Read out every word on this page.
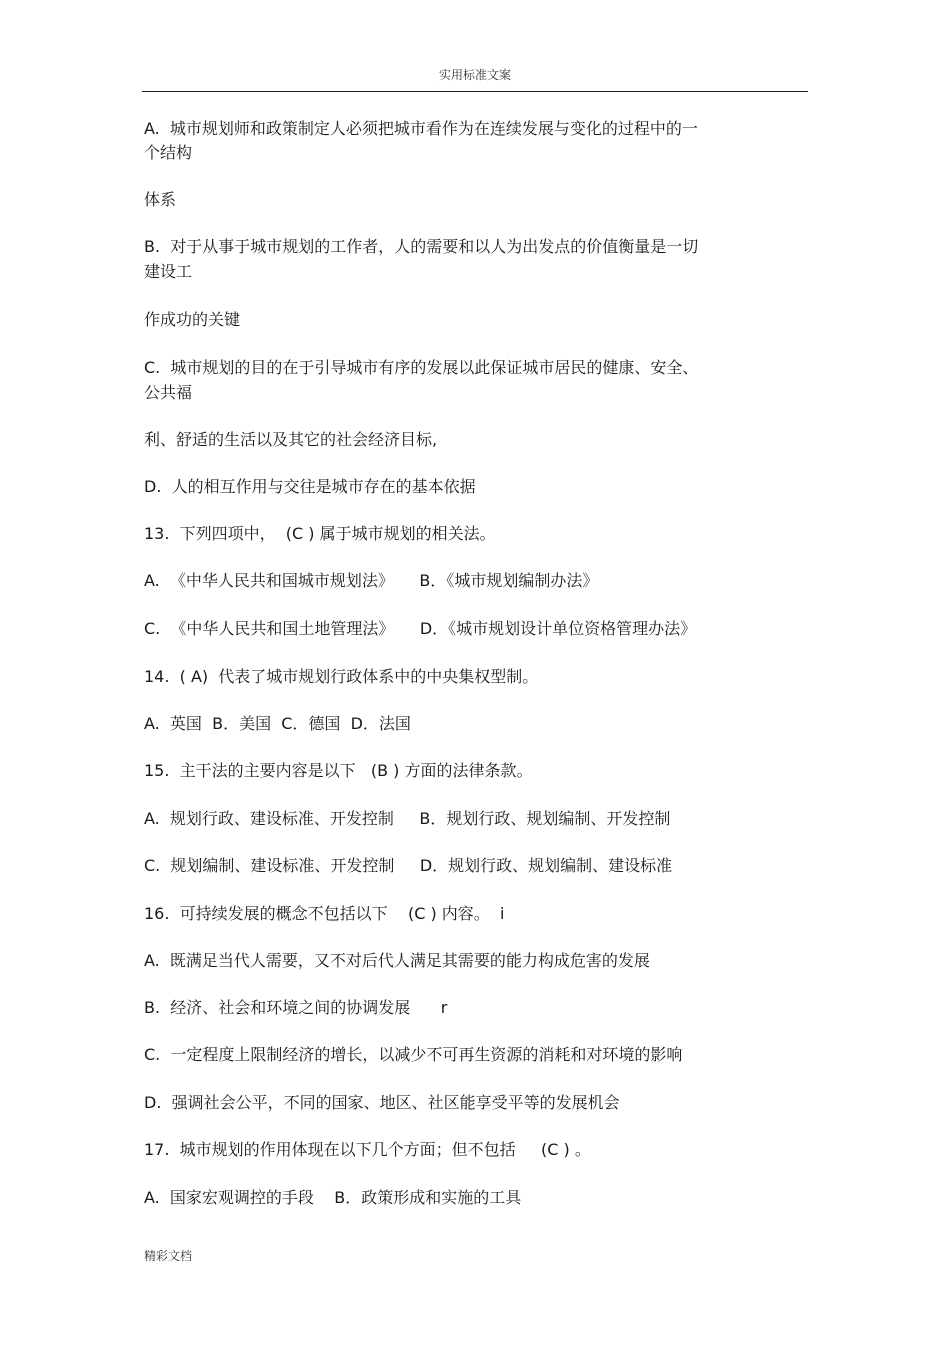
实用标准文案
A.  城市规划师和政策制定人必须把城市看作为在连续发展与变化的过程中的一
个结构
体系
B.  对于从事于城市规划的工作者，人的需要和以人为出发点的价值衡量是一切
建设工
作成功的关键
C.  城市规划的目的在于引导城市有序的发展以此保证城市居民的健康、安全、
公共福
利、舒适的生活以及其它的社会经济目标,
D.  人的相互作用与交往是城市存在的基本依据
13.  下列四项中，  (C ) 属于城市规划的相关法。
A.  《中华人民共和国城市规划法》     B．《城市规划编制办法》
C.  《中华人民共和国土地管理法》     D．《城市规划设计单位资格管理办法》
14.  ( A)  代表了城市规划行政体系中的中央集权型制。
A.  英国  B．美国  C．德国  D．法国
15.  主干法的主要内容是以下   (B ) 方面的法律条款。
A.  规划行政、建设标准、开发控制     B．规划行政、规划编制、开发控制
C.  规划编制、建设标准、开发控制     D．规划行政、规划编制、建设标准
16.  可持续发展的概念不包括以下    (C ) 内容。  i
A.  既满足当代人需要，又不对后代人满足其需要的能力构成危害的发展
B.  经济、社会和环境之间的协调发展      r
C.  一定程度上限制经济的增长，以减少不可再生资源的消耗和对环境的影响
D.  强调社会公平，不同的国家、地区、社区能享受平等的发展机会
17.  城市规划的作用体现在以下几个方面；但不包括     (C ) 。
A.  国家宏观调控的手段    B．政策形成和实施的工具
精彩文档
